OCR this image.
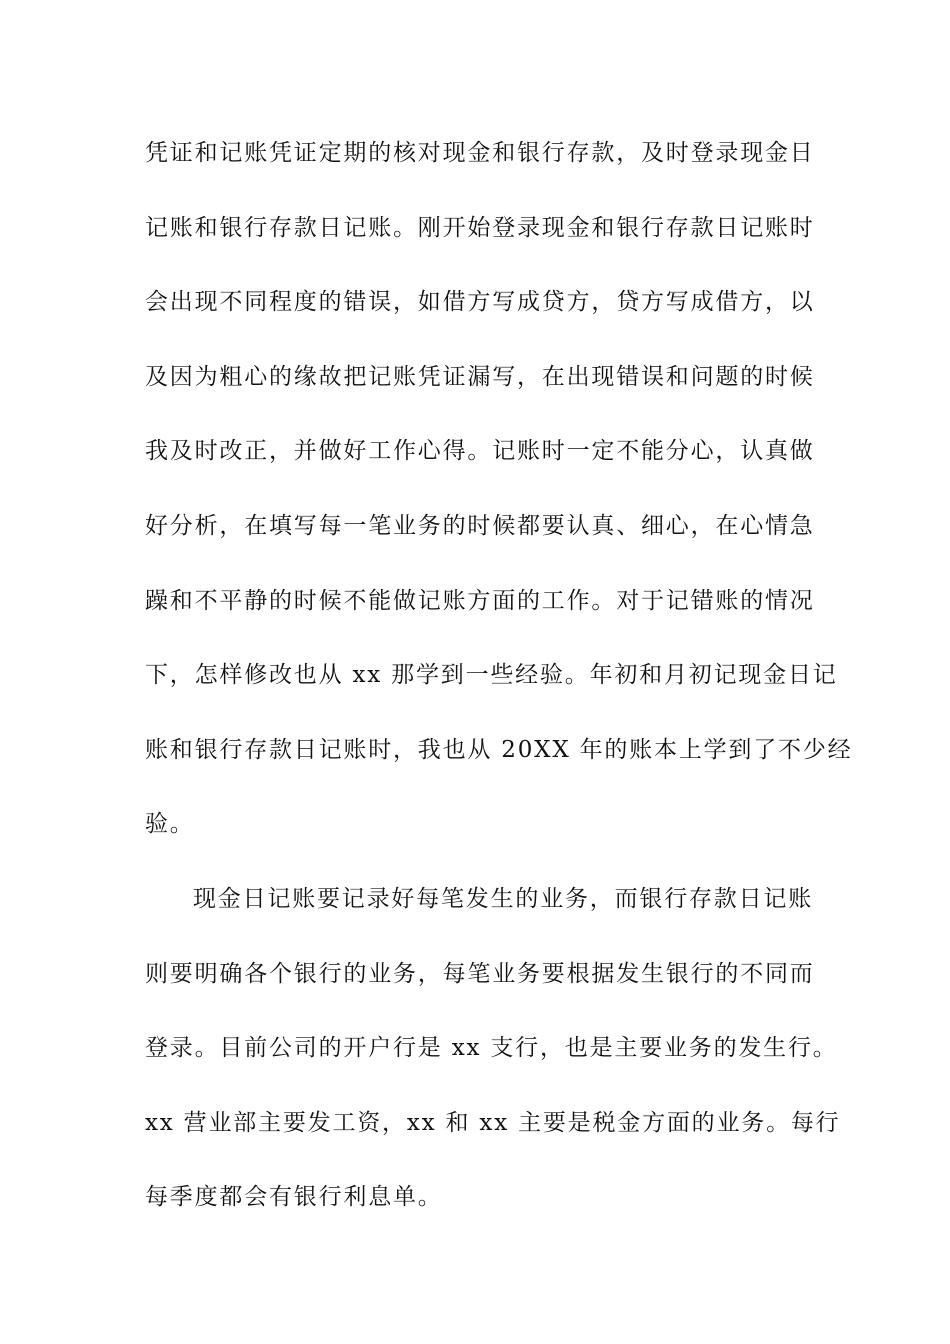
凭证和记账凭证定期的核对现金和银行存款，及时登录现金日
记账和银行存款日记账。刚开始登录现金和银行存款日记账时
会出现不同程度的错误，如借方写成贷方，贷方写成借方，以
及因为粗心的缘故把记账凭证漏写，在出现错误和问题的时候
我及时改正，并做好工作心得。记账时一定不能分心，认真做
好分析，在填写每一笔业务的时候都要认真、细心，在心情急
躁和不平静的时候不能做记账方面的工作。对于记错账的情况
下，怎样修改也从 xx 那学到一些经验。年初和月初记现金日记
账和银行存款日记账时，我也从 20XX 年的账本上学到了不少经
验。
现金日记账要记录好每笔发生的业务，而银行存款日记账
则要明确各个银行的业务，每笔业务要根据发生银行的不同而
登录。目前公司的开户行是 xx 支行，也是主要业务的发生行。
xx 营业部主要发工资，xx 和 xx 主要是税金方面的业务。每行
每季度都会有银行利息单。
